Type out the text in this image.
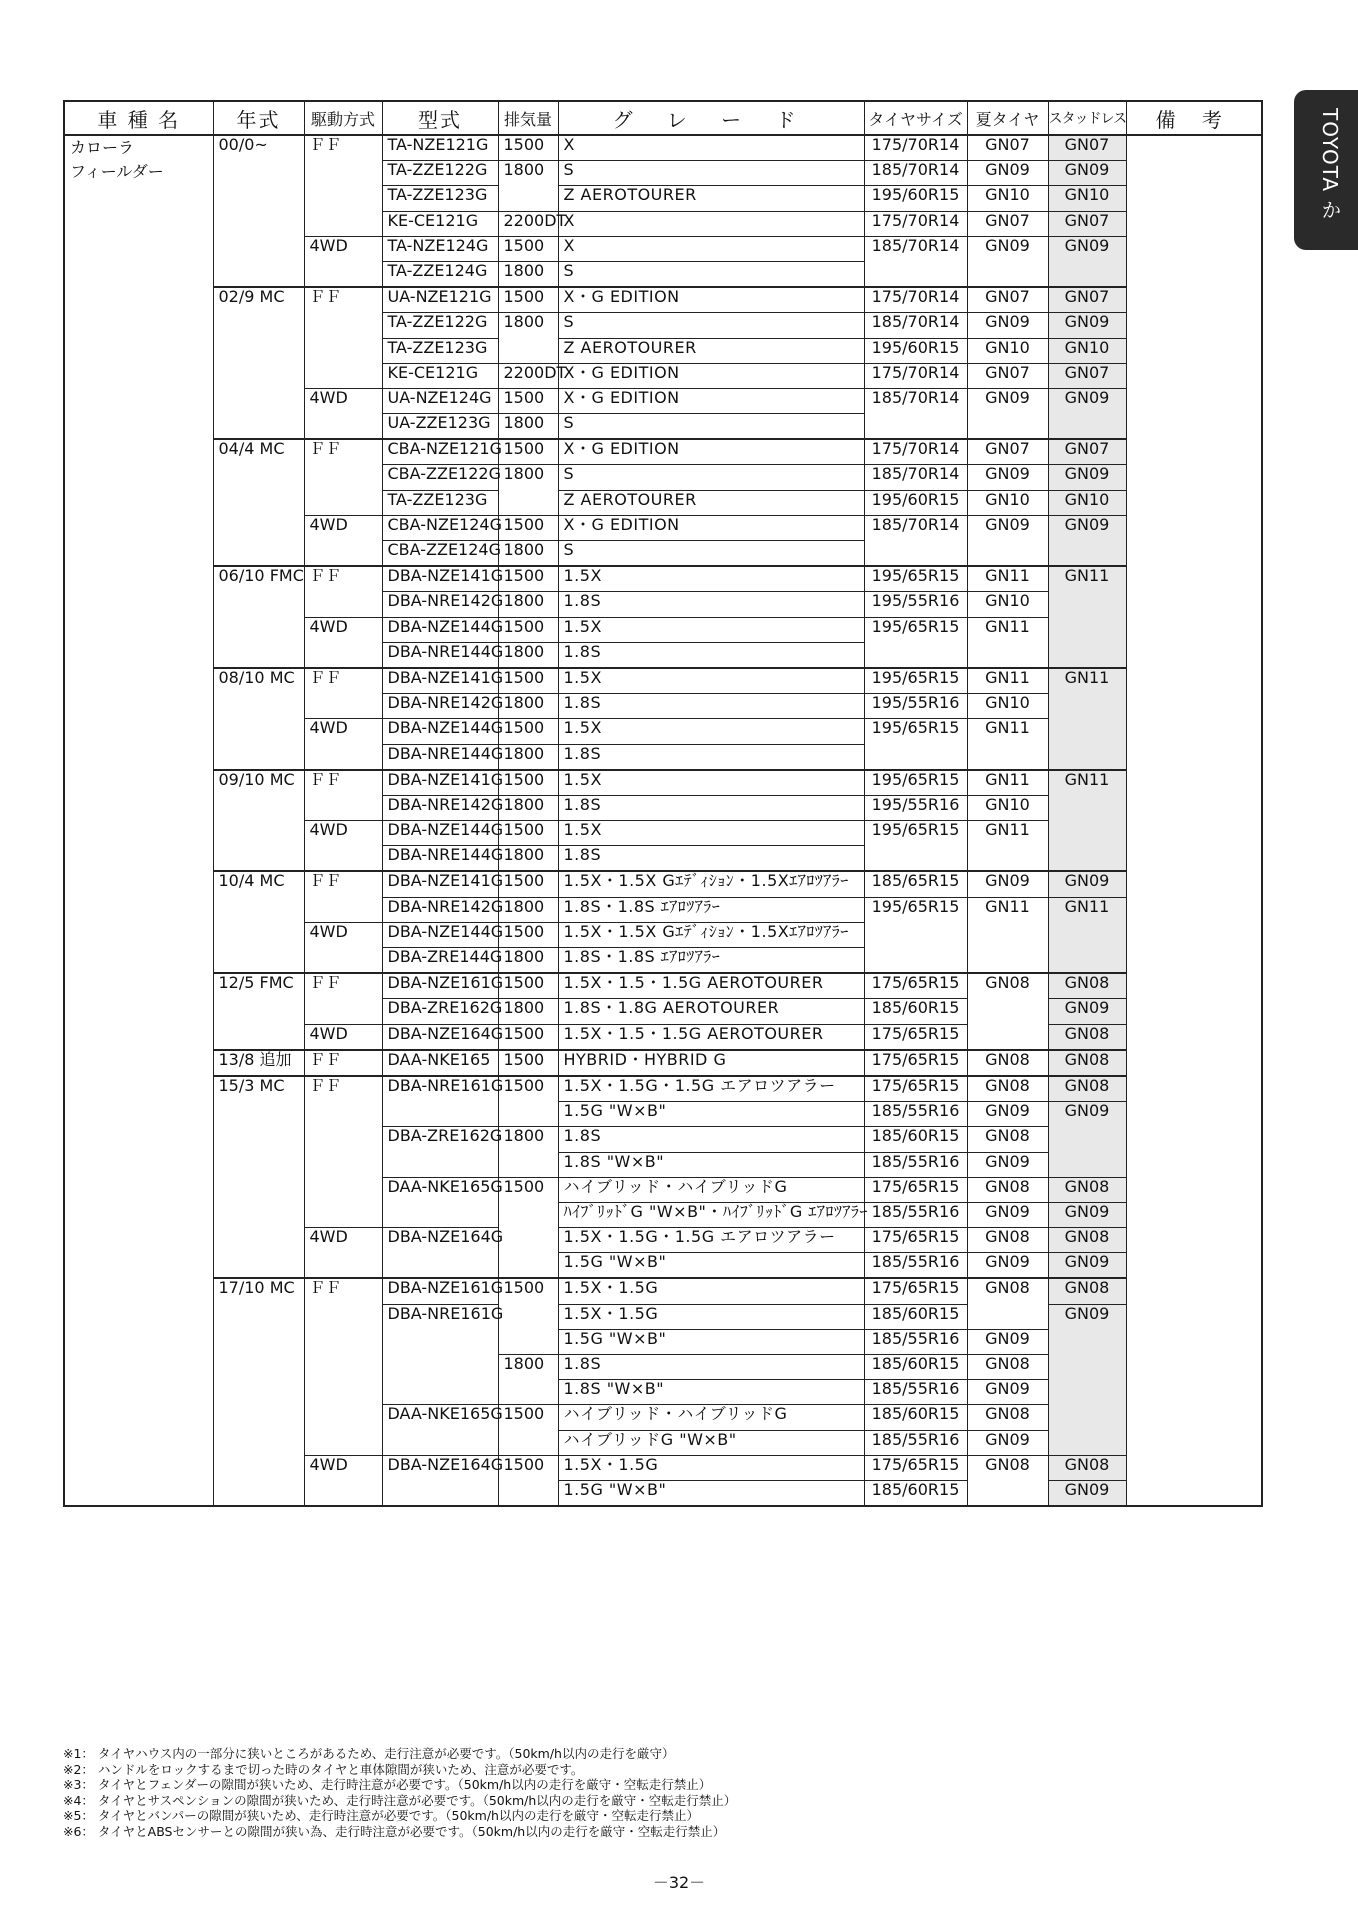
TOYOTA か
車 種 名	年式	駆動方式	型式	排気量	グ レ ー ド	タイヤサイズ	夏タイヤ	スタッドレス	備 考

カローラ
フィールダー	00/0~	ＦＦ	TA-NZE121G	1500	X	175/70R14	GN07	GN07	
			TA-ZZE122G	1800	S	185/70R14	GN09	GN09	
			TA-ZZE123G		Z AEROTOURER	195/60R15	GN10	GN10	
			KE-CE121G	2200DT	X	175/70R14	GN07	GN07	
		4WD	TA-NZE124G	1500	X	185/70R14	GN09	GN09	
			TA-ZZE124G	1800	S				
	02/9 MC	ＦＦ	UA-NZE121G	1500	X・G EDITION	175/70R14	GN07	GN07	
			TA-ZZE122G	1800	S	185/70R14	GN09	GN09	
			TA-ZZE123G		Z AEROTOURER	195/60R15	GN10	GN10	
			KE-CE121G	2200DT	X・G EDITION	175/70R14	GN07	GN07	
		4WD	UA-NZE124G	1500	X・G EDITION	185/70R14	GN09	GN09	
			UA-ZZE123G	1800	S				
	04/4 MC	ＦＦ	CBA-NZE121G	1500	X・G EDITION	175/70R14	GN07	GN07	
			CBA-ZZE122G	1800	S	185/70R14	GN09	GN09	
			TA-ZZE123G		Z AEROTOURER	195/60R15	GN10	GN10	
		4WD	CBA-NZE124G	1500	X・G EDITION	185/70R14	GN09	GN09	
			CBA-ZZE124G	1800	S				
	06/10 FMC	ＦＦ	DBA-NZE141G	1500	1.5X	195/65R15	GN11	GN11	
			DBA-NRE142G	1800	1.8S	195/55R16	GN10		
		4WD	DBA-NZE144G	1500	1.5X	195/65R15	GN11		
			DBA-NRE144G	1800	1.8S				
	08/10 MC	ＦＦ	DBA-NZE141G	1500	1.5X	195/65R15	GN11	GN11	
			DBA-NRE142G	1800	1.8S	195/55R16	GN10		
		4WD	DBA-NZE144G	1500	1.5X	195/65R15	GN11		
			DBA-NRE144G	1800	1.8S				
	09/10 MC	ＦＦ	DBA-NZE141G	1500	1.5X	195/65R15	GN11	GN11	
			DBA-NRE142G	1800	1.8S	195/55R16	GN10		
		4WD	DBA-NZE144G	1500	1.5X	195/65R15	GN11		
			DBA-NRE144G	1800	1.8S				
	10/4 MC	ＦＦ	DBA-NZE141G	1500	1.5X・1.5X Gｴﾃﾞｨｼｮﾝ・1.5Xｴｱﾛﾂｱﾗｰ	185/65R15	GN09	GN09	
			DBA-NRE142G	1800	1.8S・1.8S ｴｱﾛﾂｱﾗｰ	195/65R15	GN11	GN11	
		4WD	DBA-NZE144G	1500	1.5X・1.5X Gｴﾃﾞｨｼｮﾝ・1.5Xｴｱﾛﾂｱﾗｰ				
			DBA-ZRE144G	1800	1.8S・1.8S ｴｱﾛﾂｱﾗｰ				
	12/5 FMC	ＦＦ	DBA-NZE161G	1500	1.5X・1.5・1.5G AEROTOURER	175/65R15	GN08	GN08	
			DBA-ZRE162G	1800	1.8S・1.8G AEROTOURER	185/60R15		GN09	
		4WD	DBA-NZE164G	1500	1.5X・1.5・1.5G AEROTOURER	175/65R15		GN08	
	13/8 追加	ＦＦ	DAA-NKE165	1500	HYBRID・HYBRID G	175/65R15	GN08	GN08	
	15/3 MC	ＦＦ	DBA-NRE161G	1500	1.5X・1.5G・1.5G エアロツアラー	175/65R15	GN08	GN08	
					1.5G "W×B"	185/55R16	GN09	GN09	
			DBA-ZRE162G	1800	1.8S	185/60R15	GN08		
					1.8S "W×B"	185/55R16	GN09		
			DAA-NKE165G	1500	ハイブリッド・ハイブリッドG	175/65R15	GN08	GN08	
					ﾊｲﾌﾞﾘｯﾄﾞG "W×B"・ﾊｲﾌﾞﾘｯﾄﾞG ｴｱﾛﾂｱﾗｰ	185/55R16	GN09	GN09	
		4WD	DBA-NZE164G		1.5X・1.5G・1.5G エアロツアラー	175/65R15	GN08	GN08	
					1.5G "W×B"	185/55R16	GN09	GN09	
	17/10 MC	ＦＦ	DBA-NZE161G	1500	1.5X・1.5G	175/65R15	GN08	GN08	
			DBA-NRE161G		1.5X・1.5G	185/60R15		GN09	
					1.5G "W×B"	185/55R16	GN09		
				1800	1.8S	185/60R15	GN08		
					1.8S "W×B"	185/55R16	GN09		
			DAA-NKE165G	1500	ハイブリッド・ハイブリッドG	185/60R15	GN08		
					ハイブリッドG "W×B"	185/55R16	GN09		
		4WD	DBA-NZE164G	1500	1.5X・1.5G	175/65R15	GN08	GN08	
					1.5G "W×B"	185/60R15		GN09	
※1： タイヤハウス内の一部分に狭いところがあるため、走行注意が必要です。（50km/h以内の走行を厳守）
※2： ハンドルをロックするまで切った時のタイヤと車体隙間が狭いため、注意が必要です。
※3： タイヤとフェンダーの隙間が狭いため、走行時注意が必要です。（50km/h以内の走行を厳守・空転走行禁止）
※4： タイヤとサスペンションの隙間が狭いため、走行時注意が必要です。（50km/h以内の走行を厳守・空転走行禁止）
※5： タイヤとバンパーの隙間が狭いため、走行時注意が必要です。（50km/h以内の走行を厳守・空転走行禁止）
※6： タイヤとABSセンサーとの隙間が狭い為、走行時注意が必要です。（50km/h以内の走行を厳守・空転走行禁止）
－32－
